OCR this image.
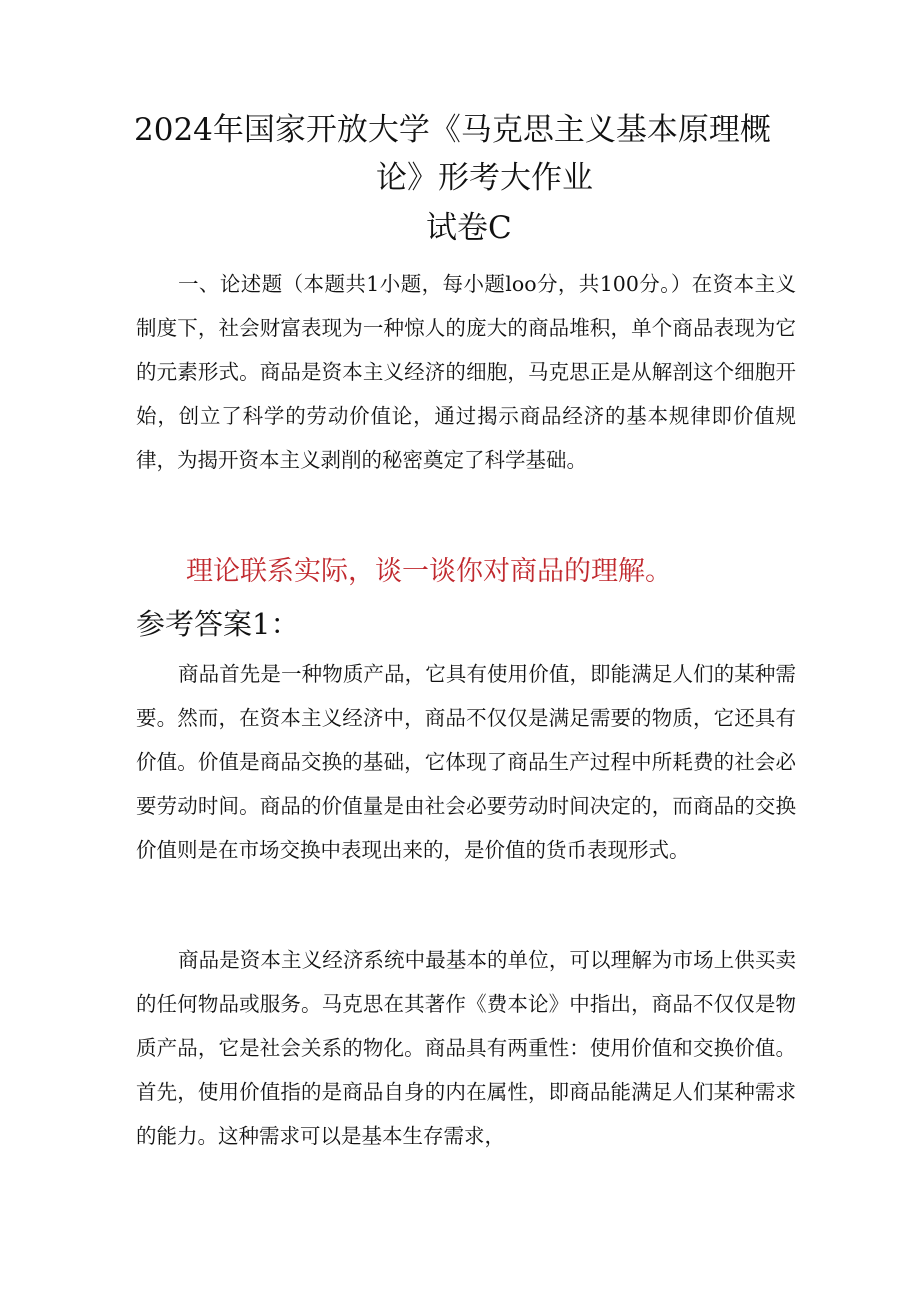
2024年国家开放大学《马克思主义基本原理概
论》形考大作业
试卷C

一、论述题（本题共1小题，每小题loo分，共100分。）在资本主义制度下，社会财富表现为一种惊人的庞大的商品堆积，单个商品表现为它的元素形式。商品是资本主义经济的细胞，马克思正是从解剖这个细胞开始，创立了科学的劳动价值论，通过揭示商品经济的基本规律即价值规律，为揭开资本主义剥削的秘密奠定了科学基础。

理论联系实际，谈一谈你对商品的理解。
参考答案1：

商品首先是一种物质产品，它具有使用价值，即能满足人们的某种需要。然而，在资本主义经济中，商品不仅仅是满足需要的物质，它还具有价值。价值是商品交换的基础，它体现了商品生产过程中所耗费的社会必要劳动时间。商品的价值量是由社会必要劳动时间决定的，而商品的交换价值则是在市场交换中表现出来的，是价值的货币表现形式。

商品是资本主义经济系统中最基本的单位，可以理解为市场上供买卖的任何物品或服务。马克思在其著作《费本论》中指出，商品不仅仅是物质产品，它是社会关系的物化。商品具有两重性：使用价值和交换价值。首先，使用价值指的是商品自身的内在属性，即商品能满足人们某种需求的能力。这种需求可以是基本生存需求，
